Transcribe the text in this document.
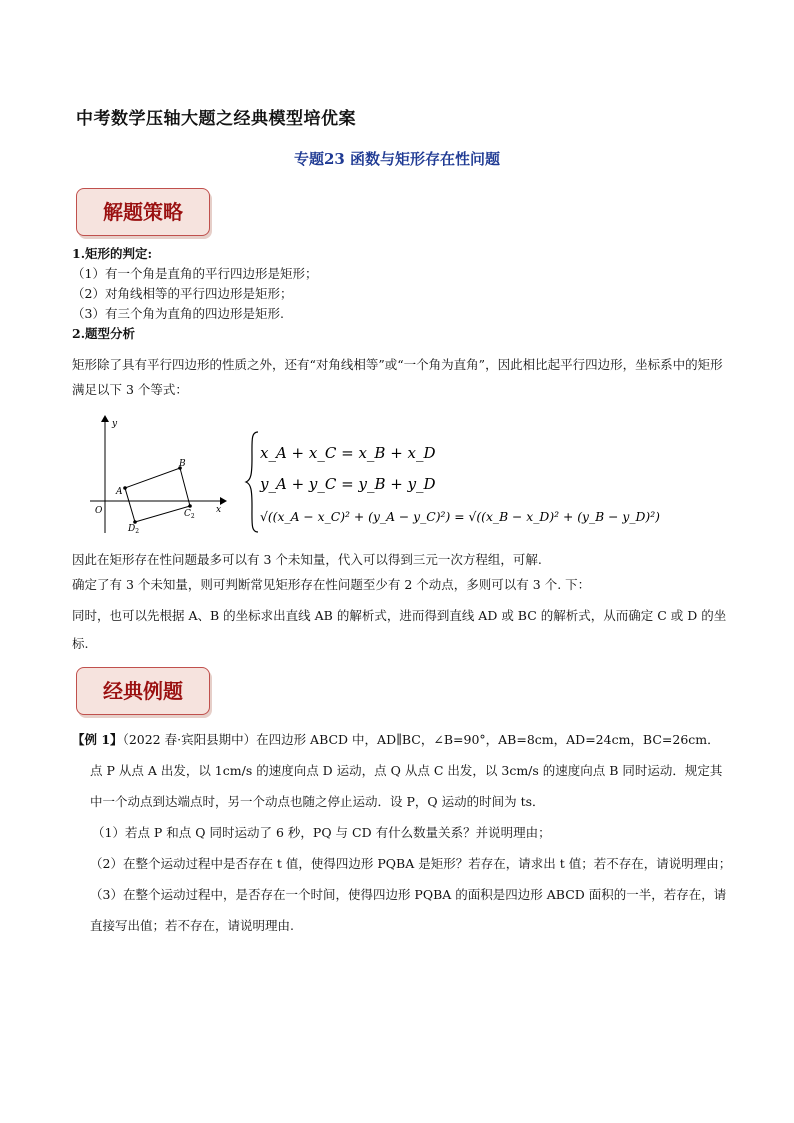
中考数学压轴大题之经典模型培优案
专题23 函数与矩形存在性问题
解题策略
1.矩形的判定:
（1）有一个角是直角的平行四边形是矩形；
（2）对角线相等的平行四边形是矩形；
（3）有三个角为直角的四边形是矩形.
2.题型分析
矩形除了具有平行四边形的性质之外，还有“对角线相等”或“一个角为直角”，因此相比起平行四边形，坐标系中的矩形满足以下 3 个等式：
y
x
O
A
B
$C_2$
$D_2$
x_A + x_C = x_B + x_D
y_A + y_C = y_B + y_D
√((x_A − x_C)² + (y_A − y_C)²) = √((x_B − x_D)² + (y_B − y_D)²)
因此在矩形存在性问题最多可以有 3 个未知量，代入可以得到三元一次方程组，可解.
确定了有 3 个未知量，则可判断常见矩形存在性问题至少有 2 个动点，多则可以有 3 个. 下：
同时，也可以先根据 A、B 的坐标求出直线 AB 的解析式，进而得到直线 AD 或 BC 的解析式，从而确定 C 或 D 的坐标.
经典例题
【例 1】（2022 春·宾阳县期中）在四边形 ABCD 中，AD∥BC，∠B=90°，AB=8cm，AD=24cm，BC=26cm．点 P 从点 A 出发，以 1cm/s 的速度向点 D 运动，点 Q 从点 C 出发，以 3cm/s 的速度向点 B 同时运动．规定其中一个动点到达端点时，另一个动点也随之停止运动．设 P，Q 运动的时间为 ts．
（1）若点 P 和点 Q 同时运动了 6 秒，PQ 与 CD 有什么数量关系？并说明理由；
（2）在整个运动过程中是否存在 t 值，使得四边形 PQBA 是矩形？若存在，请求出 t 值；若不存在，请说明理由；
（3）在整个运动过程中，是否存在一个时间，使得四边形 PQBA 的面积是四边形 ABCD 面积的一半，若存在，请直接写出值；若不存在，请说明理由.
